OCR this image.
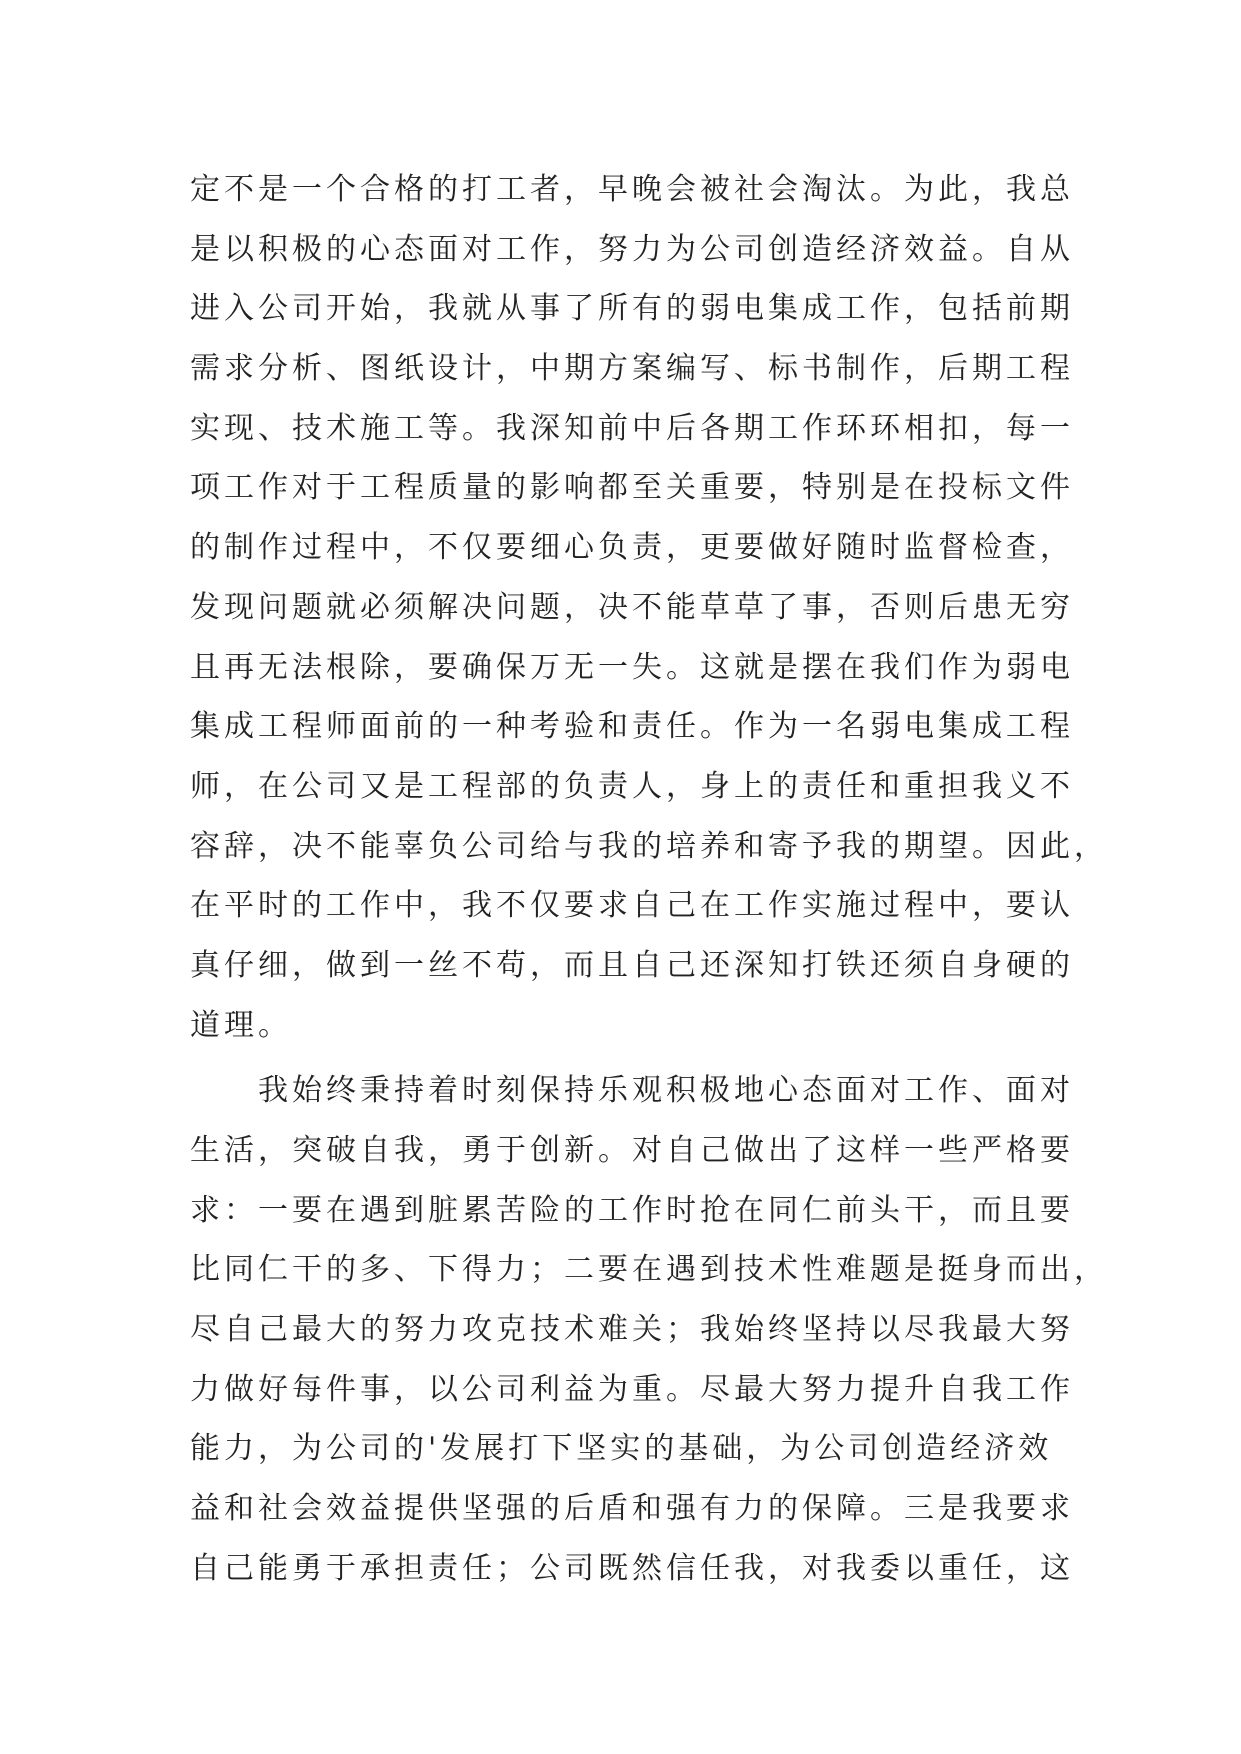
定不是一个合格的打工者，早晚会被社会淘汰。为此，我总
是以积极的心态面对工作，努力为公司创造经济效益。自从
进入公司开始，我就从事了所有的弱电集成工作，包括前期
需求分析、图纸设计，中期方案编写、标书制作，后期工程
实现、技术施工等。我深知前中后各期工作环环相扣，每一
项工作对于工程质量的影响都至关重要，特别是在投标文件
的制作过程中，不仅要细心负责，更要做好随时监督检查，
发现问题就必须解决问题，决不能草草了事，否则后患无穷
且再无法根除，要确保万无一失。这就是摆在我们作为弱电
集成工程师面前的一种考验和责任。作为一名弱电集成工程
师，在公司又是工程部的负责人，身上的责任和重担我义不
容辞，决不能辜负公司给与我的培养和寄予我的期望。因此，
在平时的工作中，我不仅要求自己在工作实施过程中，要认
真仔细，做到一丝不苟，而且自己还深知打铁还须自身硬的
道理。
我始终秉持着时刻保持乐观积极地心态面对工作、面对
生活，突破自我，勇于创新。对自己做出了这样一些严格要
求：一要在遇到脏累苦险的工作时抢在同仁前头干，而且要
比同仁干的多、下得力；二要在遇到技术性难题是挺身而出，
尽自己最大的努力攻克技术难关；我始终坚持以尽我最大努
力做好每件事，以公司利益为重。尽最大努力提升自我工作
能力，为公司的'发展打下坚实的基础，为公司创造经济效
益和社会效益提供坚强的后盾和强有力的保障。三是我要求
自己能勇于承担责任；公司既然信任我，对我委以重任，这
